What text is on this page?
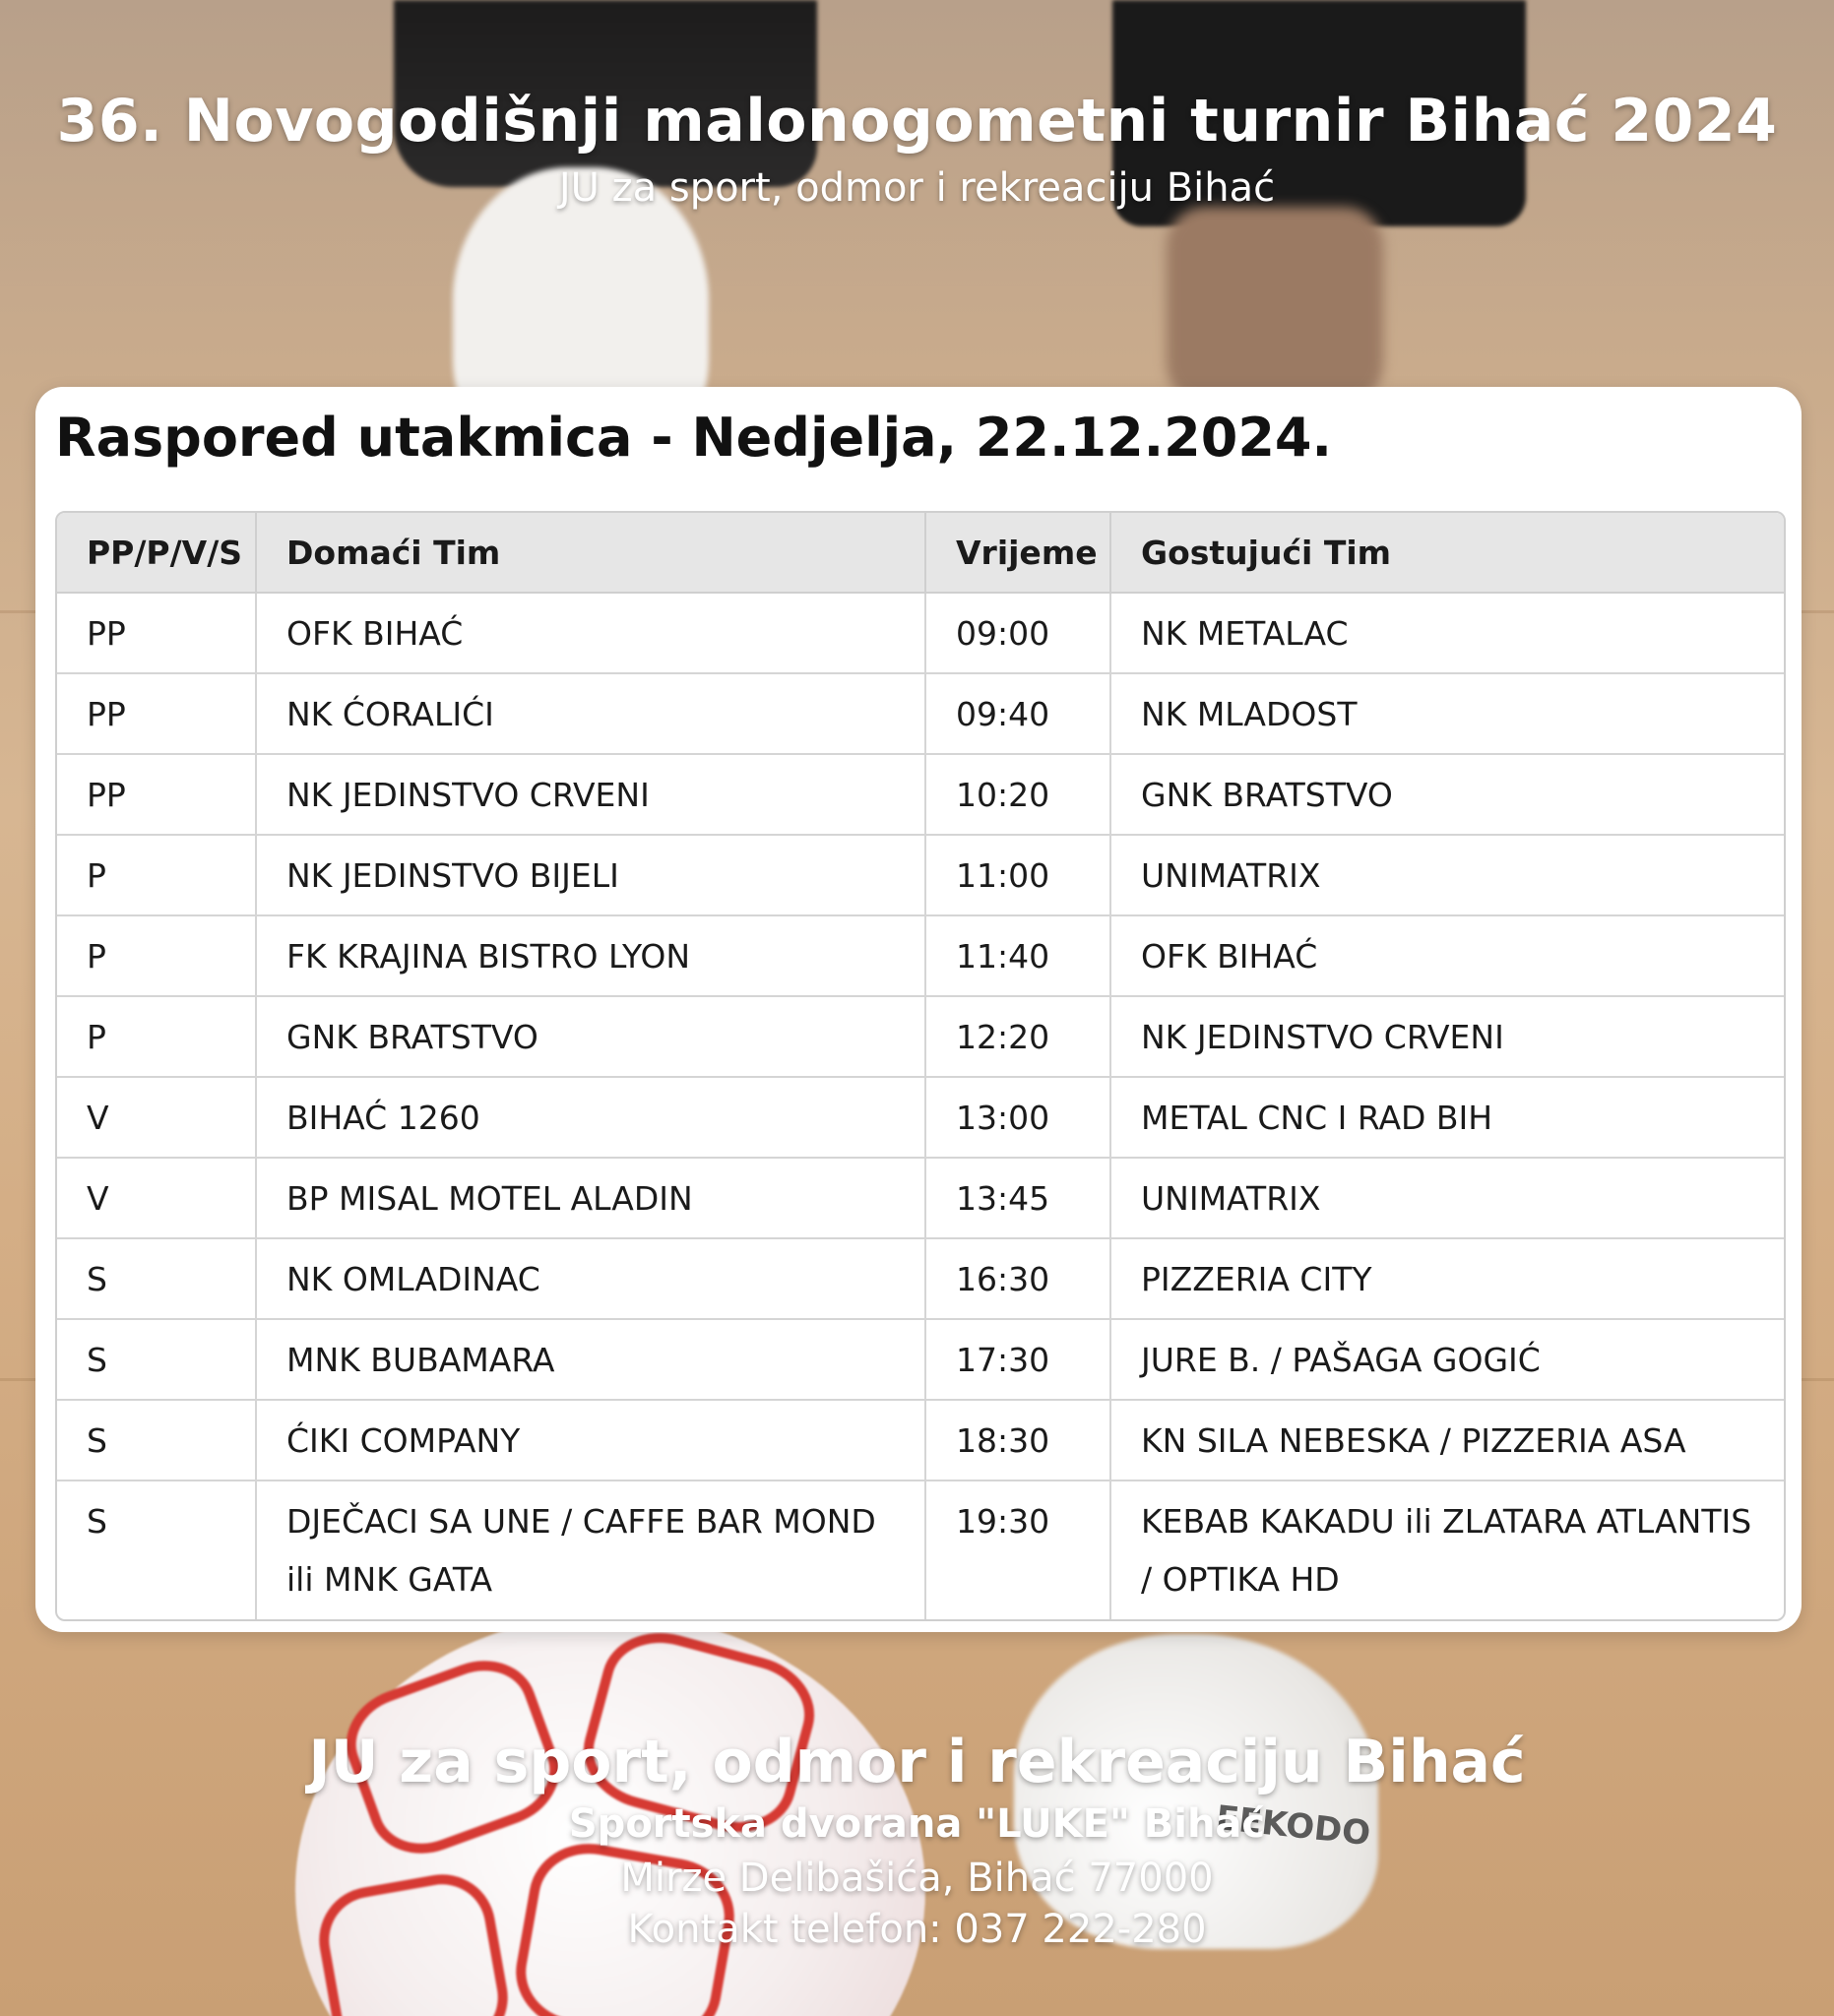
EEKODO
36. Novogodišnji malonogometni turnir Bihać 2024
JU za sport, odmor i rekreaciju Bihać
Raspored utakmica - Nedjelja, 22.12.2024.
PP/P/V/S	Domaći Tim	Vrijeme	Gostujući Tim
PP	OFK BIHAĆ	09:00	NK METALAC
PP	NK ĆORALIĆI	09:40	NK MLADOST
PP	NK JEDINSTVO CRVENI	10:20	GNK BRATSTVO
P	NK JEDINSTVO BIJELI	11:00	UNIMATRIX
P	FK KRAJINA BISTRO LYON	11:40	OFK BIHAĆ
P	GNK BRATSTVO	12:20	NK JEDINSTVO CRVENI
V	BIHAĆ 1260	13:00	METAL CNC I RAD BIH
V	BP MISAL MOTEL ALADIN	13:45	UNIMATRIX
S	NK OMLADINAC	16:30	PIZZERIA CITY
S	MNK BUBAMARA	17:30	JURE B. / PAŠAGA GOGIĆ
S	ĆIKI COMPANY	18:30	KN SILA NEBESKA / PIZZERIA ASA
S	DJEČACI SA UNE / CAFFE BAR MOND ili MNK GATA	19:30	KEBAB KAKADU ili ZLATARA ATLANTIS / OPTIKA HD
JU za sport, odmor i rekreaciju Bihać
Sportska dvorana "LUKE" Bihać
Mirze Delibašića, Bihać 77000
Kontakt telefon: 037 222-280
